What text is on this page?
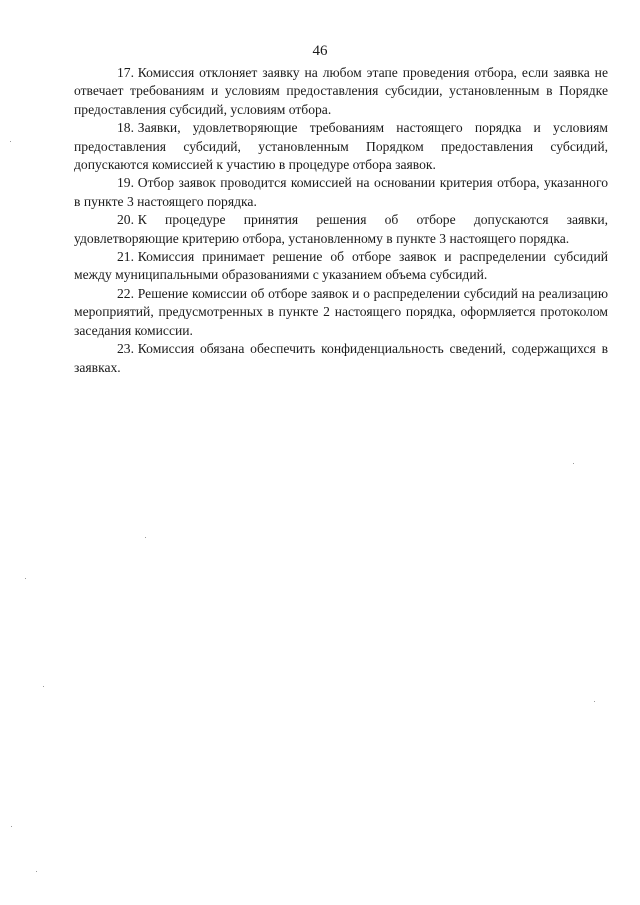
46

17. Комиссия отклоняет заявку на любом этапе проведения отбора, если заявка не отвечает требованиям и условиям предоставления субсидии, установленным в Порядке предоставления субсидий, условиям отбора.

18. Заявки, удовлетворяющие требованиям настоящего порядка и условиям предоставления субсидий, установленным Порядком предоставления субсидий, допускаются комиссией к участию в процедуре отбора заявок.

19. Отбор заявок проводится комиссией на основании критерия отбора, указанного в пункте 3 настоящего порядка.

20. К процедуре принятия решения об отборе допускаются заявки, удовлетворяющие критерию отбора, установленному в пункте 3 настоящего порядка.

21. Комиссия принимает решение об отборе заявок и распределении субсидий между муниципальными образованиями с указанием объема субсидий.

22. Решение комиссии об отборе заявок и о распределении субсидий на реализацию мероприятий, предусмотренных в пункте 2 настоящего порядка, оформляется протоколом заседания комиссии.

23. Комиссия обязана обеспечить конфиденциальность сведений, содержащихся в заявках.
